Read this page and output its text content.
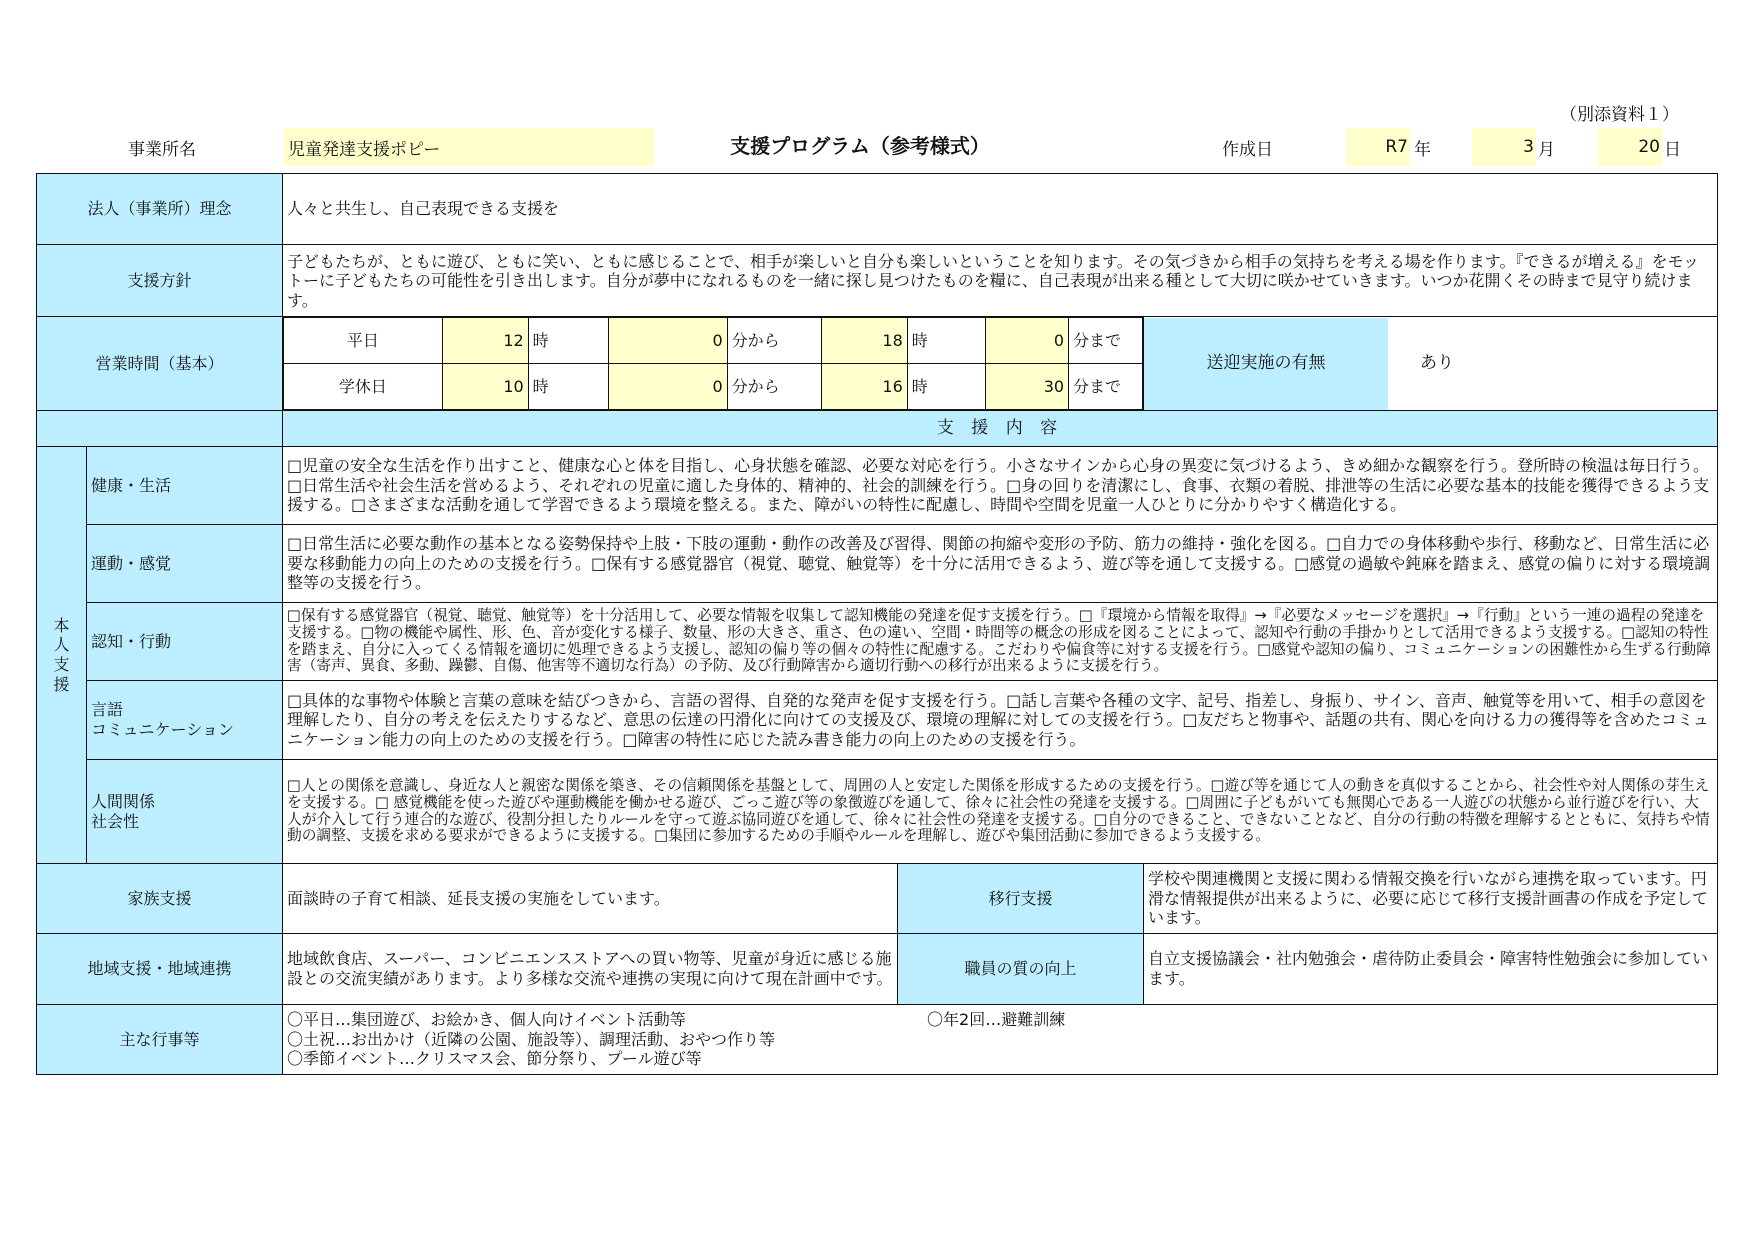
（別添資料１）
事業所名	児童発達支援ポピー	支援プログラム（参考様式）	作成日	R7 年	3 月	20 日
法人（事業所）理念	人々と共生し、自己表現できる支援を
支援方針	子どもたちが、ともに遊び、ともに笑い、ともに感じることで、相手が楽しいと自分も楽しいということを知ります。その気づきから相手の気持ちを考える場を作ります。『できるが増える』をモットーに子どもたちの可能性を引き出します。自分が夢中になれるものを一緒に探し見つけたものを糧に、自己表現が出来る種として大切に咲かせていきます。いつか花開くその時まで見守り続けます。
営業時間（基本）	
平日	12	時	0	分から	18	時	0	分まで
学休日	10	時	0	分から	16	時	30	分まで

送迎実施の有無	あり

	支 援 内 容
本
人
支
援	健康・生活	□児童の安全な生活を作り出すこと、健康な心と体を目指し、心身状態を確認、必要な対応を行う。小さなサインから心身の異変に気づけるよう、きめ細かな観察を行う。登所時の検温は毎日行う。□日常生活や社会生活を営めるよう、それぞれの児童に適した身体的、精神的、社会的訓練を行う。□身の回りを清潔にし、食事、衣類の着脱、排泄等の生活に必要な基本的技能を獲得できるよう支援する。□さまざまな活動を通して学習できるよう環境を整える。また、障がいの特性に配慮し、時間や空間を児童一人ひとりに分かりやすく構造化する。
運動・感覚	□日常生活に必要な動作の基本となる姿勢保持や上肢・下肢の運動・動作の改善及び習得、関節の拘縮や変形の予防、筋力の維持・強化を図る。□自力での身体移動や歩行、移動など、日常生活に必要な移動能力の向上のための支援を行う。□保有する感覚器官（視覚、聴覚、触覚等）を十分に活用できるよう、遊び等を通して支援する。□感覚の過敏や鈍麻を踏まえ、感覚の偏りに対する環境調整等の支援を行う。
認知・行動	□保有する感覚器官（視覚、聴覚、触覚等）を十分活用して、必要な情報を収集して認知機能の発達を促す支援を行う。□『環境から情報を取得』→『必要なメッセージを選択』→『行動』という一連の過程の発達を支援する。□物の機能や属性、形、色、音が変化する様子、数量、形の大きさ、重さ、色の違い、空間・時間等の概念の形成を図ることによって、認知や行動の手掛かりとして活用できるよう支援する。□認知の特性を踏まえ、自分に入ってくる情報を適切に処理できるよう支援し、認知の偏り等の個々の特性に配慮する。こだわりや偏食等に対する支援を行う。□感覚や認知の偏り、コミュニケーションの困難性から生ずる行動障害（寄声、異食、多動、躁鬱、自傷、他害等不適切な行為）の予防、及び行動障害から適切行動への移行が出来るように支援を行う。
言語
コミュニケーション	□具体的な事物や体験と言葉の意味を結びつきから、言語の習得、自発的な発声を促す支援を行う。□話し言葉や各種の文字、記号、指差し、身振り、サイン、音声、触覚等を用いて、相手の意図を理解したり、自分の考えを伝えたりするなど、意思の伝達の円滑化に向けての支援及び、環境の理解に対しての支援を行う。□友だちと物事や、話題の共有、関心を向ける力の獲得等を含めたコミュニケーション能力の向上のための支援を行う。□障害の特性に応じた読み書き能力の向上のための支援を行う。
人間関係
社会性	□人との関係を意識し、身近な人と親密な関係を築き、その信頼関係を基盤として、周囲の人と安定した関係を形成するための支援を行う。□遊び等を通じて人の動きを真似することから、社会性や対人関係の芽生えを支援する。□ 感覚機能を使った遊びや運動機能を働かせる遊び、ごっこ遊び等の象徴遊びを通して、徐々に社会性の発達を支援する。□周囲に子どもがいても無関心である一人遊びの状態から並行遊びを行い、大人が介入して行う連合的な遊び、役割分担したりルールを守って遊ぶ協同遊びを通して、徐々に社会性の発達を支援する。□自分のできること、できないことなど、自分の行動の特徴を理解するとともに、気持ちや情動の調整、支援を求める要求ができるように支援する。□集団に参加するための手順やルールを理解し、遊びや集団活動に参加できるよう支援する。
家族支援	面談時の子育て相談、延長支援の実施をしています。	移行支援	学校や関連機関と支援に関わる情報交換を行いながら連携を取っています。円滑な情報提供が出来るように、必要に応じて移行支援計画書の作成を予定しています。
地域支援・地域連携	地域飲食店、スーパー、コンビニエンスストアへの買い物等、児童が身近に感じる施設との交流実績があります。より多様な交流や連携の実現に向けて現在計画中です。	職員の質の向上	自立支援協議会・社内勉強会・虐待防止委員会・障害特性勉強会に参加しています。
主な行事等	
〇平日…集団遊び、お絵かき、個人向けイベント活動等
〇土祝…お出かけ（近隣の公園、施設等）、調理活動、おやつ作り等
〇季節イベント…クリスマス会、節分祭り、プール遊び等
〇年2回…避難訓練
